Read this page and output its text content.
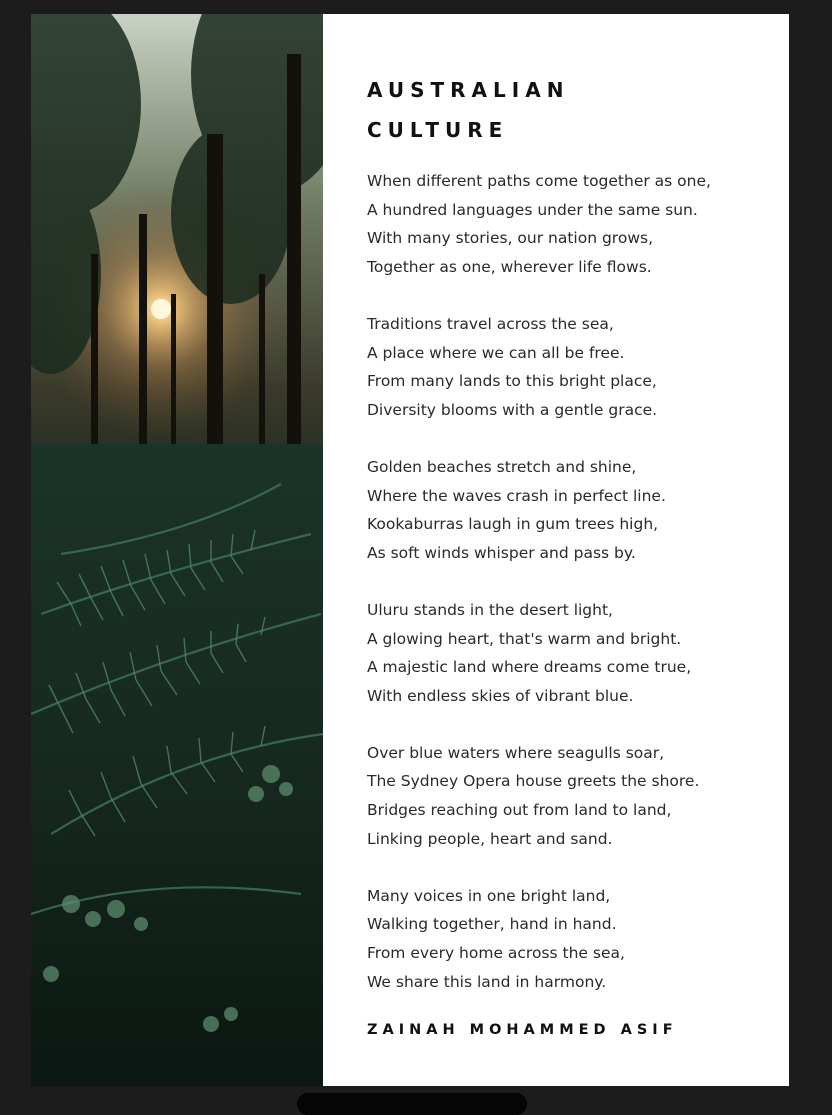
AUSTRALIAN
CULTURE
When different paths come together as one,
A hundred languages under the same sun.
With many stories, our nation grows,
Together as one, wherever life flows.
Traditions travel across the sea,
A place where we can all be free.
From many lands to this bright place,
Diversity blooms with a gentle grace.
Golden beaches stretch and shine,
Where the waves crash in perfect line.
Kookaburras laugh in gum trees high,
As soft winds whisper and pass by.
Uluru stands in the desert light,
A glowing heart, that's warm and bright.
A majestic land where dreams come true,
With endless skies of vibrant blue.
Over blue waters where seagulls soar,
The Sydney Opera house greets the shore.
Bridges reaching out from land to land,
Linking people, heart and sand.
Many voices in one bright land,
Walking together, hand in hand.
From every home across the sea,
We share this land in harmony.

ZAINAH MOHAMMED ASIF
